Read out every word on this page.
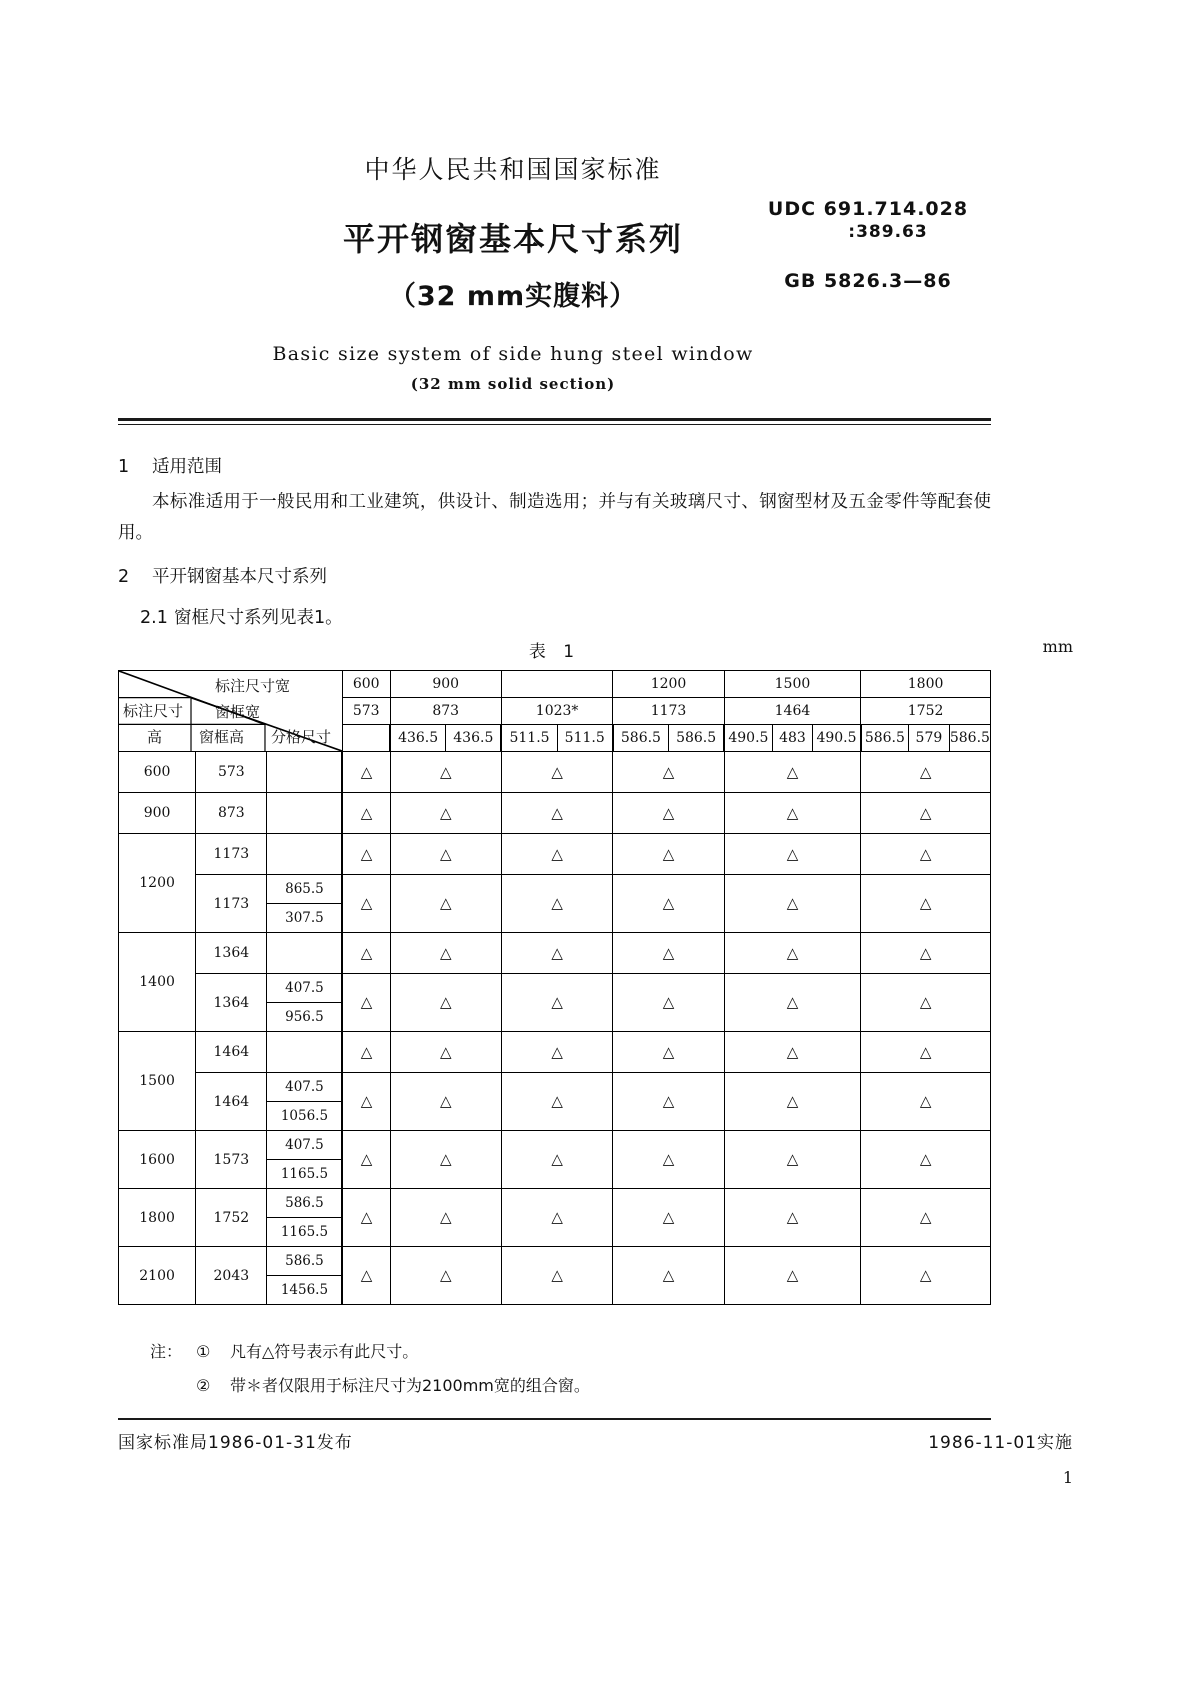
中华人民共和国国家标准
平开钢窗基本尺寸系列
（32 mm实腹料）
Basic size system of side hung steel window
(32 mm solid section)
UDC 691.714.028
:389.63
GB 5826.3—86
1 适用范围
本标准适用于一般民用和工业建筑，供设计、制造选用；并与有关玻璃尺寸、钢窗型材及五金零件等配套使用。
2 平开钢窗基本尺寸系列
2.1 窗框尺寸系列见表1。
表 1	mm
标注尺寸宽
窗框宽
标注尺寸
高 窗框高 分格尺寸
	600	900		1200	1500	1800
			573	873		1023*		1173		1464			1752		
				436.5	436.5	511.5	511.5	586.5	586.5	490.5	483	490.5	586.5	579	586.5
600	573		△	△		△		△		△			△		
900	873		△	△		△		△		△			△		
1200	1173		△	△		△		△		△			△		
	1173	865.5	△	△		△		△		△			△		
		307.5													
1400	1364		△	△		△		△		△			△		
	1364	407.5	△	△		△		△		△			△		
		956.5													
1500	1464		△	△		△		△		△			△		
	1464	407.5	△	△		△		△		△			△		
		1056.5													
1600	1573	407.5	△	△		△		△		△			△		
		1165.5													
1800	1752	586.5	△	△		△		△		△			△		
		1165.5													
2100	2043	586.5	△	△		△		△		△			△		
		1456.5													
注： ① 凡有△符号表示有此尺寸。
② 带＊者仅限用于标注尺寸为2100mm宽的组合窗。
国家标准局1986-01-31发布	1986-11-01实施
1
